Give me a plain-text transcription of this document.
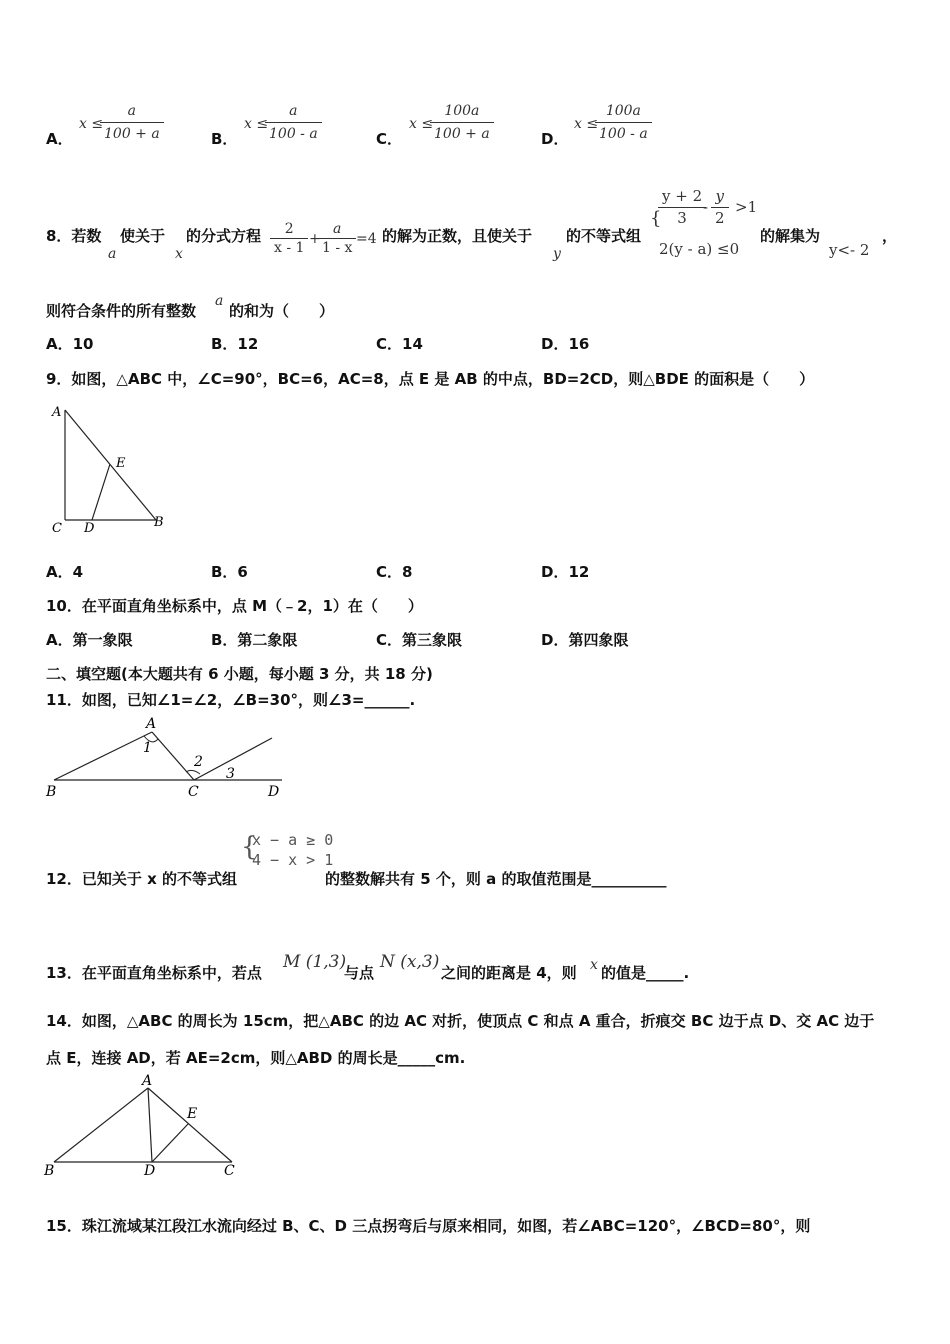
A．
x ≤
$\frac{a}{100 + a}$	B．
x ≤
$\frac{a}{100 - a}$	C．
x ≤
$\frac{100a}{100 + a}$	D．
x ≤
$\frac{100a}{100 - a}$
8．若数
a
使关于
x
的分式方程 $\frac{2}{x - 1}$ +
$\frac{a}{1 - x} =4$ 的解为正数，且使关于
y
的不等式组
{
$\frac{y + 2}{3}$
- $\frac{y}{2} >1$
2(y - a) ≤0
的解集为
y<- 2
，
则符合条件的所有整数
a
的和为（　　）
A．10	B．12	C．14	D．16
9．如图，△ABC 中，∠C=90°，BC=6，AC=8，点 E 是 AB 的中点，BD=2CD，则△BDE 的面积是（　　）
A
E
C D	B
A．4	B．6	C．8	D．12
10．在平面直角坐标系中，点 M（﹣2，1）在（　　）
A．第一象限	B．第二象限	C．第三象限	D．第四象限
二、填空题(本大题共有 6 小题，每小题 3 分，共 18 分)
11．如图，已知∠1=∠2，∠B=30°，则∠3=______.
A
1
2
3
B	C	D
{
x − a ≥ 0
4 − x > 1
12．已知关于 x 的不等式组	的整数解共有 5 个，则 a 的取值范围是__________
13．在平面直角坐标系中，若点
M (1,3)
与点
N (x,3)
之间的距离是 4，则 x 的值是_____.
14．如图，△ABC 的周长为 15cm，把△ABC 的边 AC 对折，使顶点 C 和点 A 重合，折痕交 BC 边于点 D、交 AC 边于
点 E，连接 AD，若 AE=2cm，则△ABD 的周长是_____cm.
A
E
B	D	C
15．珠江流域某江段江水流向经过 B、C、D 三点拐弯后与原来相同，如图，若∠ABC=120°，∠BCD=80°，则
